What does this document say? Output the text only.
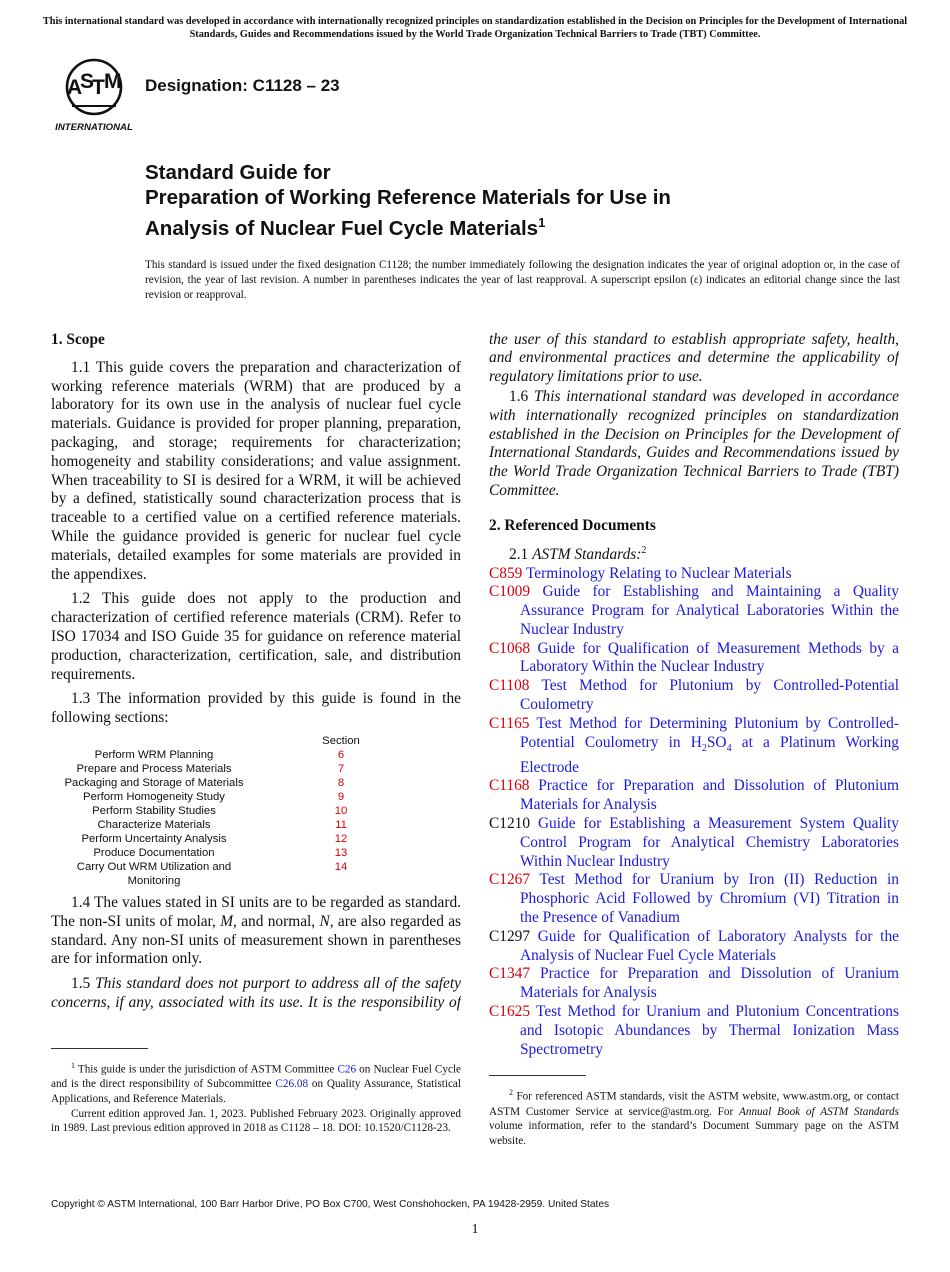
This international standard was developed in accordance with internationally recognized principles on standardization established in the Decision on Principles for the Development of International Standards, Guides and Recommendations issued by the World Trade Organization Technical Barriers to Trade (TBT) Committee.
A
S
T M
INTERNATIONAL
Designation: C1128 – 23
Standard Guide for
Preparation of Working Reference Materials for Use in
Analysis of Nuclear Fuel Cycle Materials$^1$
This standard is issued under the fixed designation C1128; the number immediately following the designation indicates the year of original adoption or, in the case of revision, the year of last revision. A number in parentheses indicates the year of last reapproval. A superscript epsilon (ε) indicates an editorial change since the last revision or reapproval.
1. Scope

1.1 This guide covers the preparation and characterization of working reference materials (WRM) that are produced by a laboratory for its own use in the analysis of nuclear fuel cycle materials. Guidance is provided for proper planning, preparation, packaging, and storage; requirements for characterization; homogeneity and stability considerations; and value assignment. When traceability to SI is desired for a WRM, it will be achieved by a defined, statistically sound characterization process that is traceable to a certified value on a certified reference materials. While the guidance provided is generic for nuclear fuel cycle materials, detailed examples for some materials are provided in the appendixes.

1.2 This guide does not apply to the production and characterization of certified reference materials (CRM). Refer to ISO 17034 and ISO Guide 35 for guidance on reference material production, characterization, certification, sale, and distribution requirements.

1.3 The information provided by this guide is found in the following sections:

Section
Perform WRM Planning	6
Prepare and Process Materials	7
Packaging and Storage of Materials	8
Perform Homogeneity Study	9
Perform Stability Studies	10
Characterize Materials	11
Perform Uncertainty Analysis	12
Produce Documentation	13
Carry Out WRM Utilization and	14
Monitoring

1.4 The values stated in SI units are to be regarded as standard. The non-SI units of molar, M, and normal, N, are also regarded as standard. Any non-SI units of measurement shown in parentheses are for information only.

1.5 This standard does not purport to address all of the safety concerns, if any, associated with its use. It is the responsibility of

$^1$ This guide is under the jurisdiction of ASTM Committee C26 on Nuclear Fuel Cycle and is the direct responsibility of Subcommittee C26.08 on Quality Assurance, Statistical Applications, and Reference Materials.

Current edition approved Jan. 1, 2023. Published February 2023. Originally approved in 1989. Last previous edition approved in 2018 as C1128 – 18. DOI: 10.1520/C1128-23.

the user of this standard to establish appropriate safety, health, and environmental practices and determine the applicability of regulatory limitations prior to use.

1.6 This international standard was developed in accordance with internationally recognized principles on standardization established in the Decision on Principles for the Development of International Standards, Guides and Recommendations issued by the World Trade Organization Technical Barriers to Trade (TBT) Committee.

2. Referenced Documents

2.1 ASTM Standards:$^2$

C859 Terminology Relating to Nuclear Materials

C1009 Guide for Establishing and Maintaining a Quality Assurance Program for Analytical Laboratories Within the Nuclear Industry

C1068 Guide for Qualification of Measurement Methods by a Laboratory Within the Nuclear Industry

C1108 Test Method for Plutonium by Controlled-Potential Coulometry

C1165 Test Method for Determining Plutonium by Controlled-Potential Coulometry in $H_2SO_4$ at a Platinum Working Electrode

C1168 Practice for Preparation and Dissolution of Plutonium Materials for Analysis

C1210 Guide for Establishing a Measurement System Quality Control Program for Analytical Chemistry Laboratories Within Nuclear Industry

C1267 Test Method for Uranium by Iron (II) Reduction in Phosphoric Acid Followed by Chromium (VI) Titration in the Presence of Vanadium

C1297 Guide for Qualification of Laboratory Analysts for the Analysis of Nuclear Fuel Cycle Materials

C1347 Practice for Preparation and Dissolution of Uranium Materials for Analysis

C1625 Test Method for Uranium and Plutonium Concentrations and Isotopic Abundances by Thermal Ionization Mass Spectrometry

$^2$ For referenced ASTM standards, visit the ASTM website, www.astm.org, or contact ASTM Customer Service at service@astm.org. For Annual Book of ASTM Standards volume information, refer to the standard’s Document Summary page on the ASTM website.

Copyright © ASTM International, 100 Barr Harbor Drive, PO Box C700, West Conshohocken, PA 19428-2959. United States
1
